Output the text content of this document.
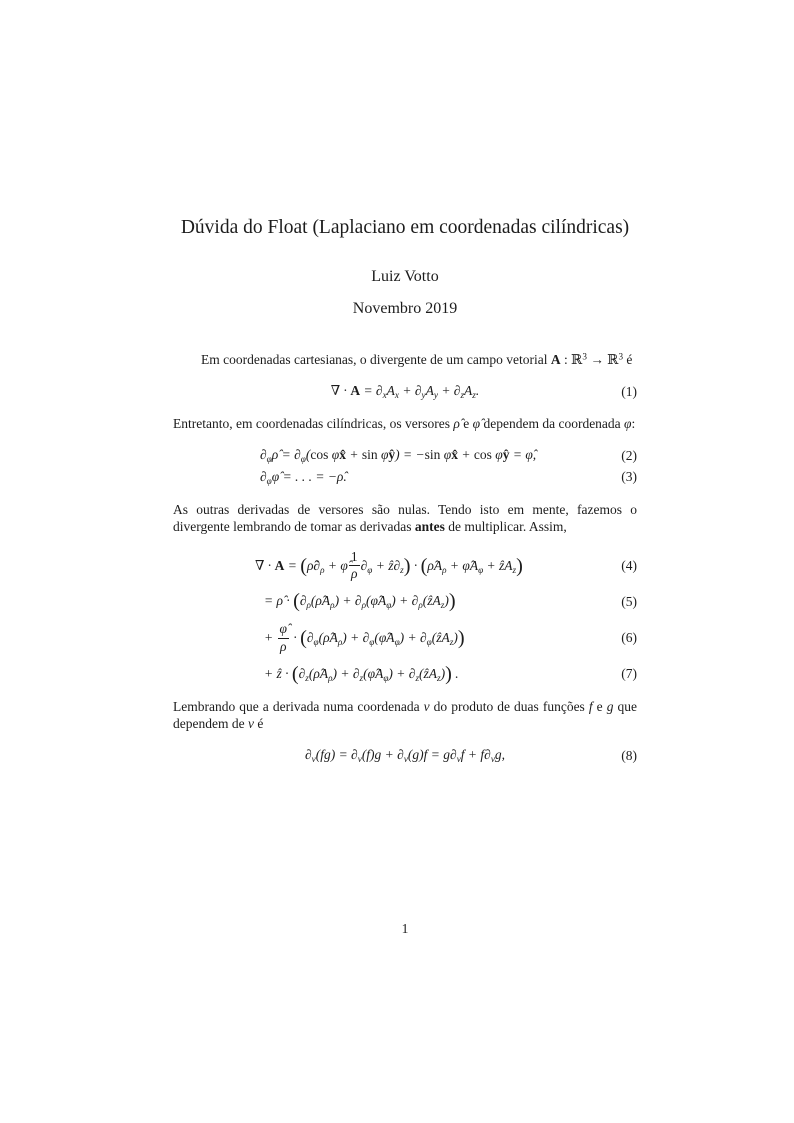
Dúvida do Float (Laplaciano em coordenadas cilíndricas)
Luiz Votto
Novembro 2019

Em coordenadas cartesianas, o divergente de um campo vetorial A : ℝ$^3$ → ℝ$^3$ é

∇ · $A = \partial_xA_x + \partial_yA_y + \partial_zA_z$.	(1)

Entretanto, em coordenadas cilíndricas, os versores ρ̂ e φ̂ dependem da coordenada φ:

$\partial_\varphi\rhô = \partial_\varphi(\cos$ φx̂ + sin φŷ) = −sin φx̂ + cos φŷ = φ̂,	(2)
$\partial_\varphi\varphî$ = . . . = −ρ̂.	(3)

As outras derivadas de versores são nulas. Tendo isto em mente, fazemos o divergente lembrando de tomar as derivadas antes de multiplicar. Assim,

∇ · $A = (\rhô\partial_\rho$ + φ̂ $\frac{1}{\rho} \partial_\varphi$ + $ẑ\partial_z$) · ($\rhôA_\rho$ + $\varphîA_\varphi$ + ẑA$_z$)	(4)
= ρ̂ · ($\partial_\rho(\rhôA_\rho)$ + $\partial_\rho(\varphîA_\varphi)$ + $\partial_\rho(ẑA_z)$)	(5)
+ $\frac{\varphî}{\rho}$ · ($\partial_\varphi(\rhôA_\rho)$ + $\partial_\varphi(\varphîA_\varphi)$ + $\partial_\varphi(ẑA_z)$)	(6)
+ ẑ · ($\partial_z(\rhôA_\rho)$ + $\partial_z(\varphîA_\varphi)$ + $\partial_z(ẑA_z)$) .	(7)

Lembrando que a derivada numa coordenada v do produto de duas funções f e g que dependem de v é

$\partial_v(fg) = \partial_v(f)g + \partial_v(g)f = g\partial_vf + f\partial_vg$,	(8)
1
